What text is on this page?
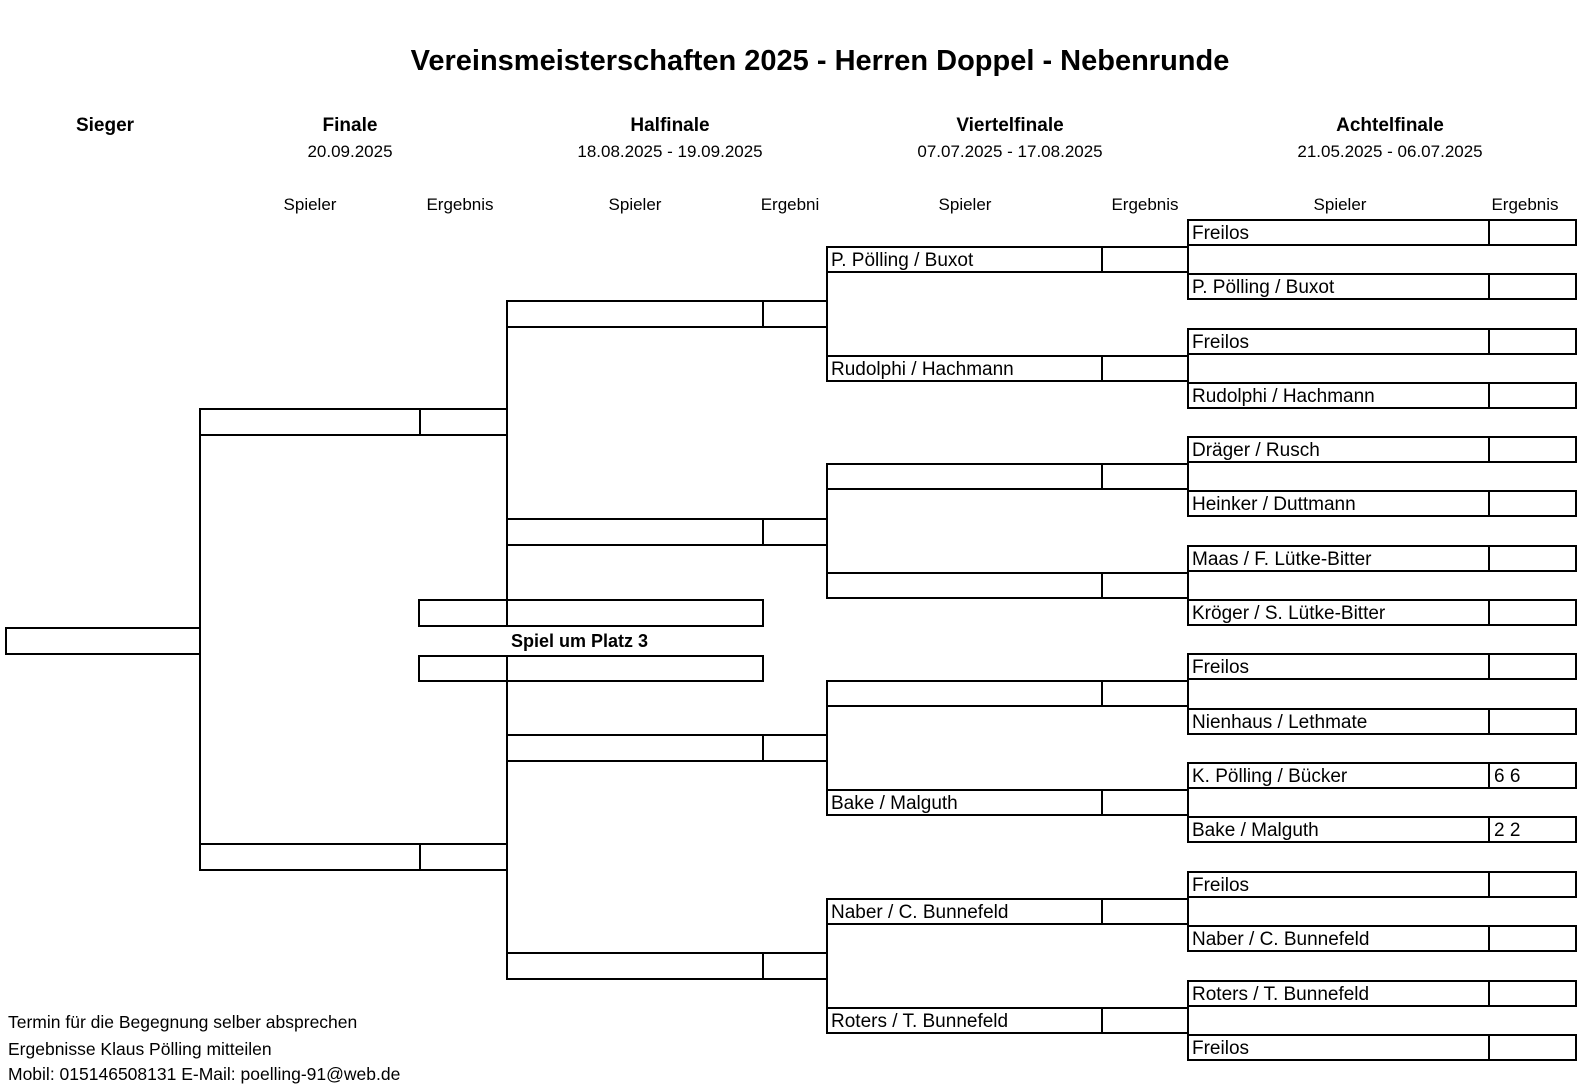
Vereinsmeisterschaften 2025 - Herren Doppel - Nebenrunde
Sieger	Finale
20.09.2025
Halfinale
18.08.2025 - 19.09.2025
Viertelfinale
07.07.2025 - 17.08.2025
Achtelfinale
21.05.2025 - 06.07.2025
Spieler	Ergebnis	Spieler	Ergebni	Spieler	Ergebnis	Spieler	Ergebnis
Freilos
P. Pölling / Buxot
Freilos
Rudolphi / Hachmann
Dräger / Rusch
Heinker / Duttmann
Maas / F. Lütke-Bitter
Kröger / S. Lütke-Bitter
Freilos
Nienhaus / Lethmate
K. Pölling / Bücker	6 6
Bake / Malguth	2 2
Freilos
Naber / C. Bunnefeld
Roters / T. Bunnefeld
Freilos
P. Pölling / Buxot
Rudolphi / Hachmann
Bake / Malguth
Naber / C. Bunnefeld
Roters / T. Bunnefeld
Spiel um Platz 3
Termin für die Begegnung selber absprechen
Ergebnisse Klaus Pölling mitteilen
Mobil: 015146508131 E-Mail: poelling-91@web.de
